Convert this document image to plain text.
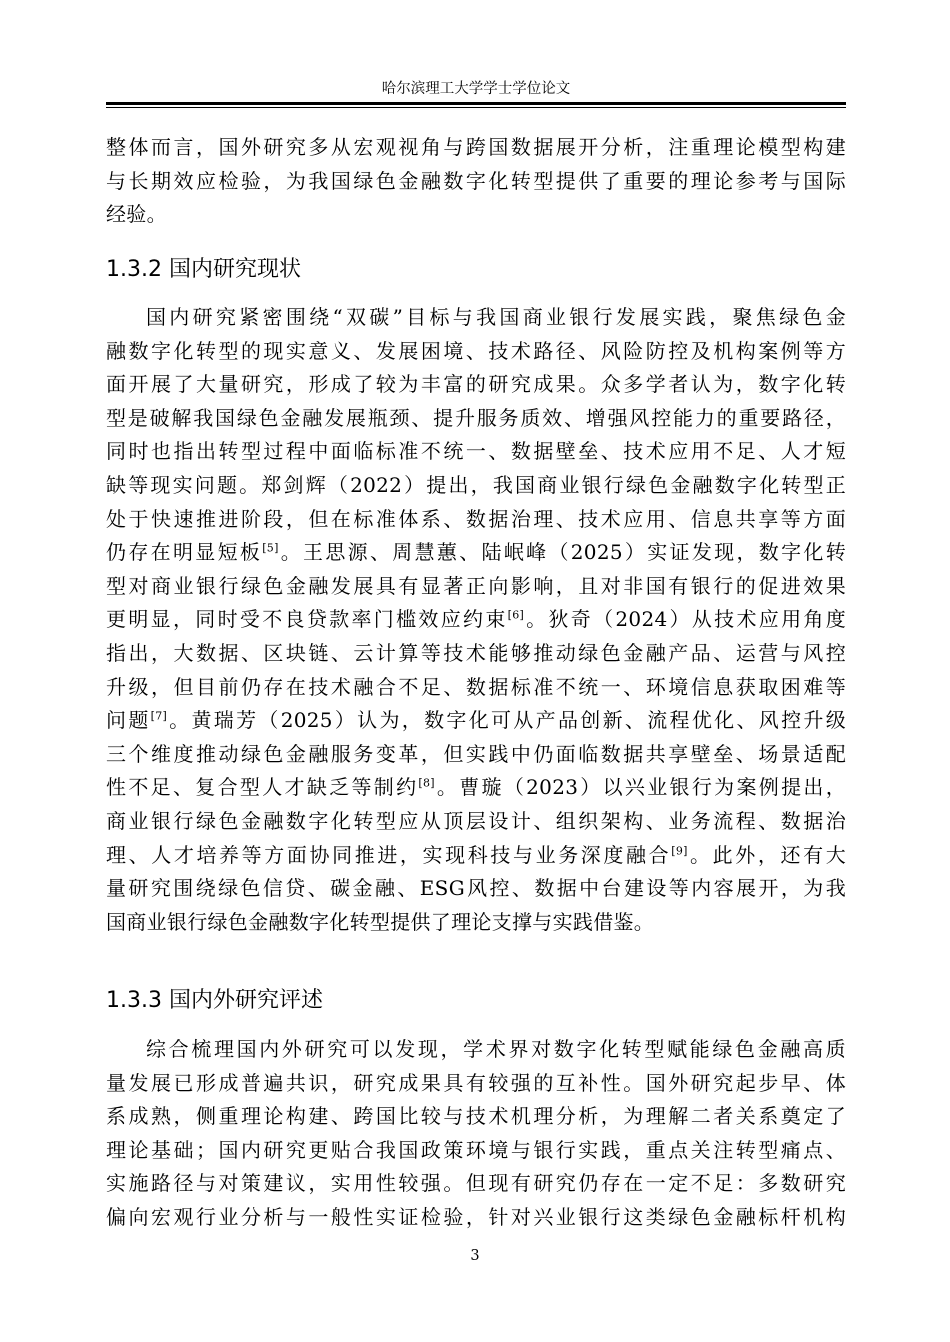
哈尔滨理工大学学士学位论文
整体而言，国外研究多从宏观视角与跨国数据展开分析，注重理论模型构建
与长期效应检验，为我国绿色金融数字化转型提供了重要的理论参考与国际
经验。
1.3.2 国内研究现状
国内研究紧密围绕“双碳”目标与我国商业银行发展实践，聚焦绿色金
融数字化转型的现实意义、发展困境、技术路径、风险防控及机构案例等方
面开展了大量研究，形成了较为丰富的研究成果。众多学者认为，数字化转
型是破解我国绿色金融发展瓶颈、提升服务质效、增强风控能力的重要路径，
同时也指出转型过程中面临标准不统一、数据壁垒、技术应用不足、人才短
缺等现实问题。郑剑辉（2022）提出，我国商业银行绿色金融数字化转型正
处于快速推进阶段，但在标准体系、数据治理、技术应用、信息共享等方面
仍存在明显短板[5]。王思源、周慧蕙、陆岷峰（2025）实证发现，数字化转
型对商业银行绿色金融发展具有显著正向影响，且对非国有银行的促进效果
更明显，同时受不良贷款率门槛效应约束[6]。狄奇（2024）从技术应用角度
指出，大数据、区块链、云计算等技术能够推动绿色金融产品、运营与风控
升级，但目前仍存在技术融合不足、数据标准不统一、环境信息获取困难等
问题[7]。黄瑞芳（2025）认为，数字化可从产品创新、流程优化、风控升级
三个维度推动绿色金融服务变革，但实践中仍面临数据共享壁垒、场景适配
性不足、复合型人才缺乏等制约[8]。曹璇（2023）以兴业银行为案例提出，
商业银行绿色金融数字化转型应从顶层设计、组织架构、业务流程、数据治
理、人才培养等方面协同推进，实现科技与业务深度融合[9]。此外，还有大
量研究围绕绿色信贷、碳金融、ESG风控、数据中台建设等内容展开，为我
国商业银行绿色金融数字化转型提供了理论支撑与实践借鉴。
1.3.3 国内外研究评述
综合梳理国内外研究可以发现，学术界对数字化转型赋能绿色金融高质
量发展已形成普遍共识，研究成果具有较强的互补性。国外研究起步早、体
系成熟，侧重理论构建、跨国比较与技术机理分析，为理解二者关系奠定了
理论基础；国内研究更贴合我国政策环境与银行实践，重点关注转型痛点、
实施路径与对策建议，实用性较强。但现有研究仍存在一定不足：多数研究
偏向宏观行业分析与一般性实证检验，针对兴业银行这类绿色金融标杆机构
3
